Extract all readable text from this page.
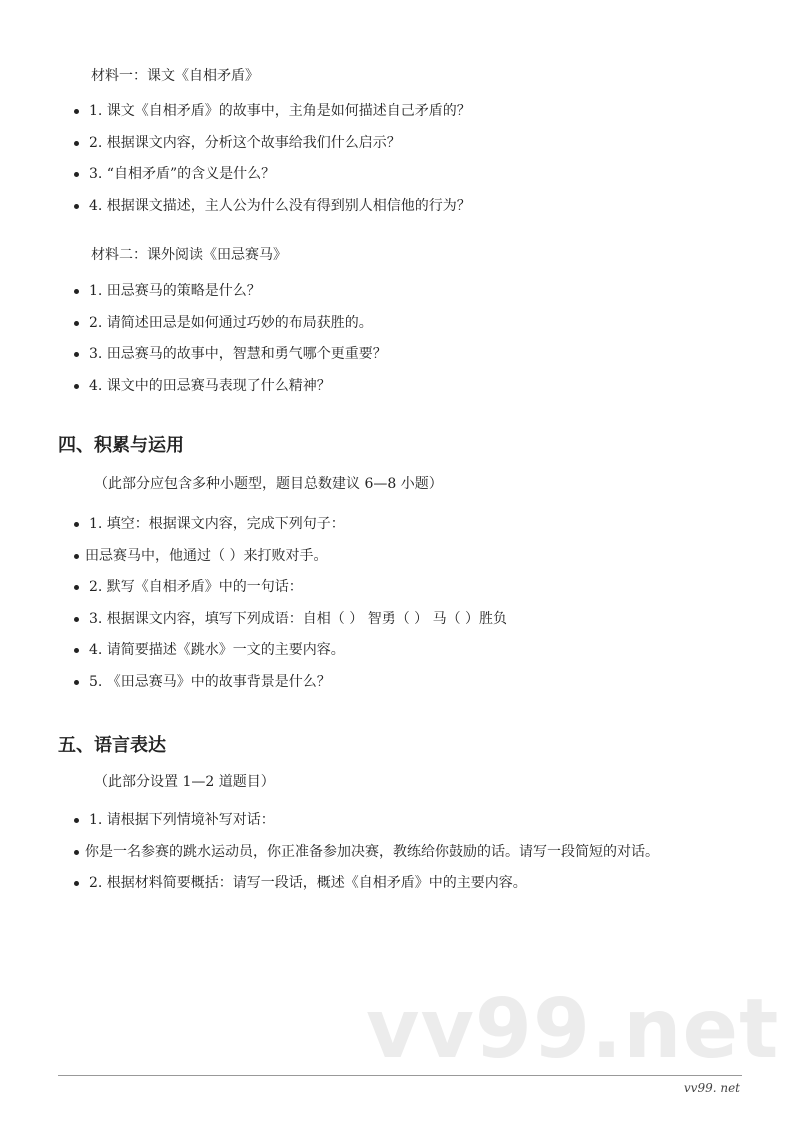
材料一：课文《自相矛盾》
1. 课文《自相矛盾》的故事中，主角是如何描述自己矛盾的？
2. 根据课文内容，分析这个故事给我们什么启示？
3. “自相矛盾”的含义是什么？
4. 根据课文描述，主人公为什么没有得到别人相信他的行为？
材料二：课外阅读《田忌赛马》
1. 田忌赛马的策略是什么？
2. 请简述田忌是如何通过巧妙的布局获胜的。
3. 田忌赛马的故事中，智慧和勇气哪个更重要？
4. 课文中的田忌赛马表现了什么精神？
四、积累与运用
（此部分应包含多种小题型，题目总数建议 6—8 小题）
1. 填空：根据课文内容，完成下列句子：
田忌赛马中，他通过（ ）来打败对手。
2. 默写《自相矛盾》中的一句话：
3. 根据课文内容，填写下列成语：自相（ ） 智勇（ ） 马（ ）胜负
4. 请简要描述《跳水》一文的主要内容。
5. 《田忌赛马》中的故事背景是什么？
五、语言表达
（此部分设置 1—2 道题目）
1. 请根据下列情境补写对话：
你是一名参赛的跳水运动员，你正准备参加决赛，教练给你鼓励的话。请写一段简短的对话。
2. 根据材料简要概括：请写一段话，概述《自相矛盾》中的主要内容。
vv99.net
vv99. net
